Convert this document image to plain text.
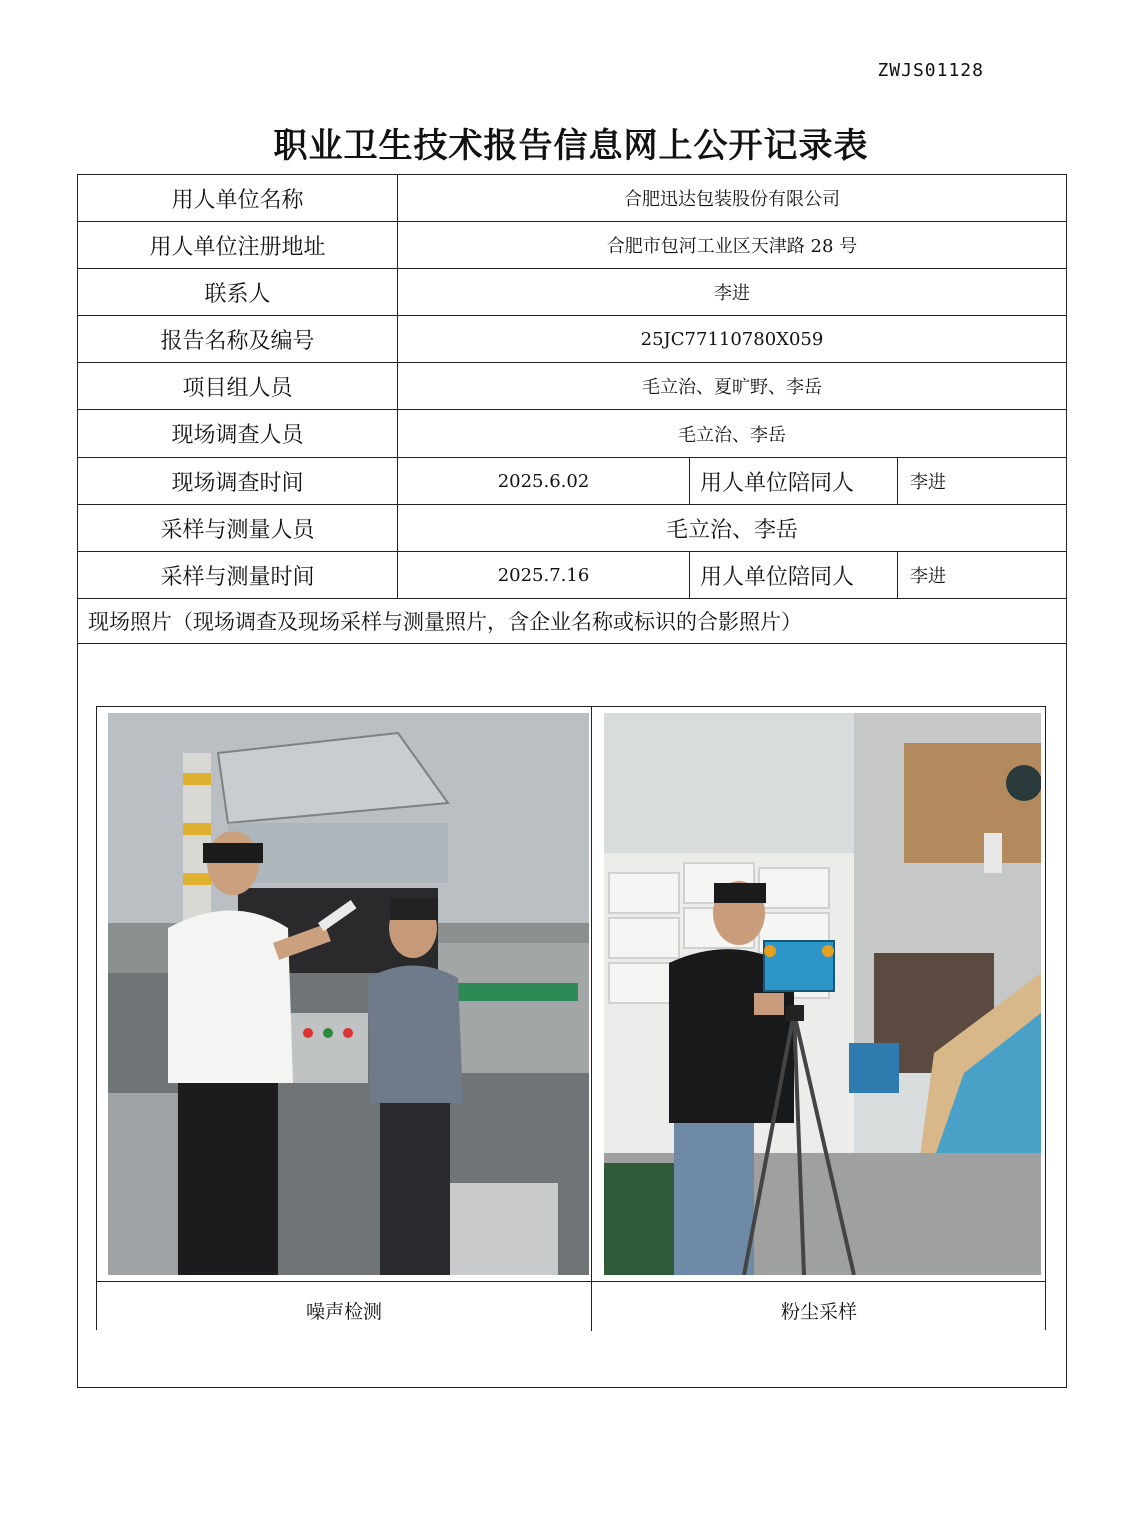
ZWJS01128
职业卫生技术报告信息网上公开记录表
用人单位名称	合肥迅达包装股份有限公司
用人单位注册地址	合肥市包河工业区天津路 28 号
联系人	李进
报告名称及编号	25JC77110780X059
项目组人员	毛立治、夏旷野、李岳
现场调查人员	毛立治、李岳
现场调查时间	2025.6.02	用人单位陪同人	李进
采样与测量人员	毛立治、李岳
采样与测量时间	2025.7.16	用人单位陪同人	李进
现场照片（现场调查及现场采样与测量照片，含企业名称或标识的合影照片）
噪声检测	粉尘采样
